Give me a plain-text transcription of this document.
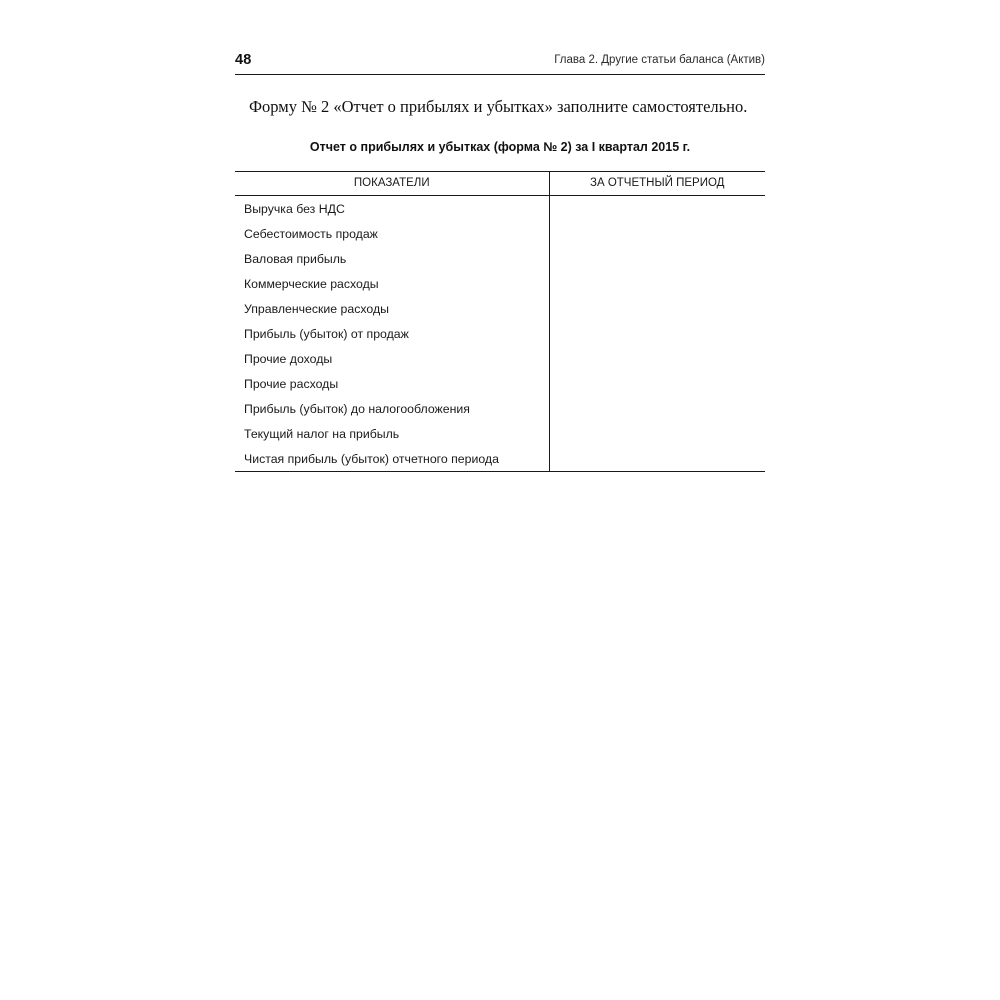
48	Глава 2. Другие статьи баланса (Актив)

Форму № 2 «Отчет о прибылях и убытках» заполните самостоятельно.

Отчет о прибылях и убытках (форма № 2) за I квартал 2015 г.
ПОКАЗАТЕЛИ	ЗА ОТЧЕТНЫЙ ПЕРИОД
Выручка без НДС	
Себестоимость продаж	
Валовая прибыль	
Коммерческие расходы	
Управленческие расходы	
Прибыль (убыток) от продаж	
Прочие доходы	
Прочие расходы	
Прибыль (убыток) до налогообложения	
Текущий налог на прибыль	
Чистая прибыль (убыток) отчетного периода	
